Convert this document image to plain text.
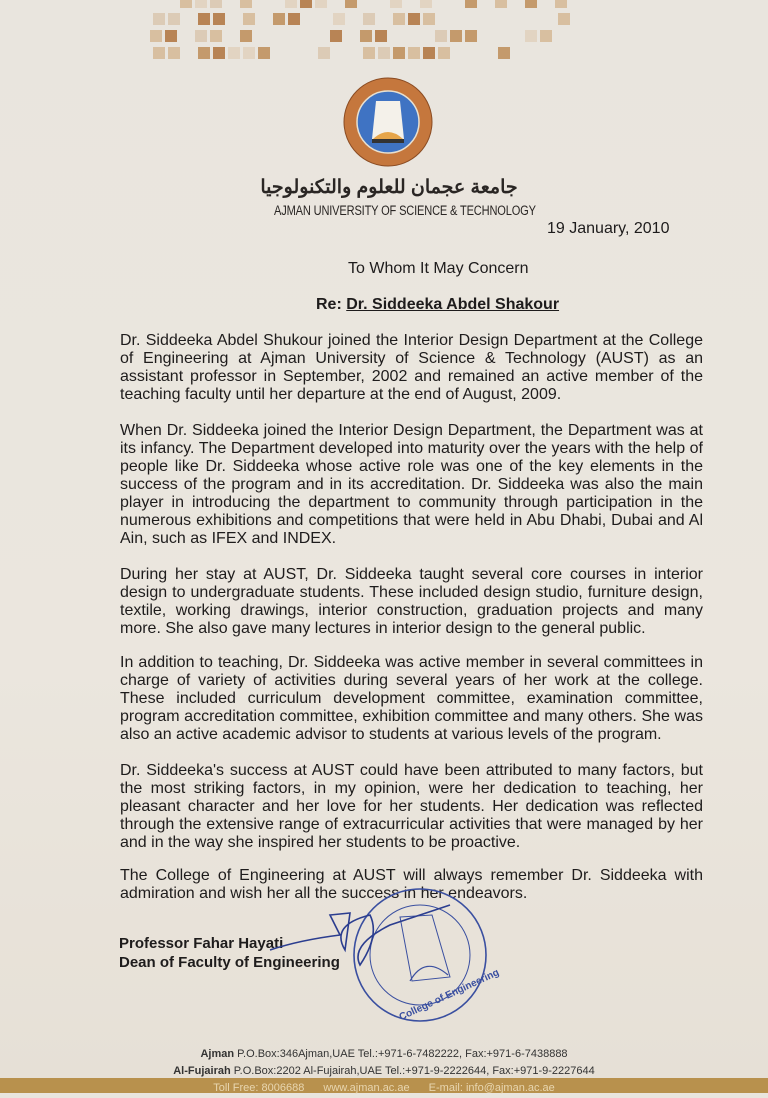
جامعة عجمان للعلوم والتكنولوجيا
AJMAN UNIVERSITY OF SCIENCE & TECHNOLOGY
19 January, 2010
To Whom It May Concern
Re: Dr. Siddeeka Abdel Shakour
Dr. Siddeeka Abdel Shukour joined the Interior Design Department at the College of Engineering at Ajman University of Science & Technology (AUST) as an assistant professor in September, 2002 and remained an active member of the teaching faculty until her departure at the end of August, 2009.
When Dr. Siddeeka joined the Interior Design Department, the Department was at its infancy. The Department developed into maturity over the years with the help of people like Dr. Siddeeka whose active role was one of the key elements in the success of the program and in its accreditation. Dr. Siddeeka was also the main player in introducing the department to community through participation in the numerous exhibitions and competitions that were held in Abu Dhabi, Dubai and Al Ain, such as IFEX and INDEX.
During her stay at AUST, Dr. Siddeeka taught several core courses in interior design to undergraduate students. These included design studio, furniture design, textile, working drawings, interior construction, graduation projects and many more. She also gave many lectures in interior design to the general public.
In addition to teaching, Dr. Siddeeka was active member in several committees in charge of variety of activities during several years of her work at the college. These included curriculum development committee, examination committee, program accreditation committee, exhibition committee and many others. She was also an active academic advisor to students at various levels of the program.
Dr. Siddeeka's success at AUST could have been attributed to many factors, but the most striking factors, in my opinion, were her dedication to teaching, her pleasant character and her love for her students. Her dedication was reflected through the extensive range of extracurricular activities that were managed by her and in the way she inspired her students to be proactive.
The College of Engineering at AUST will always remember Dr. Siddeeka with admiration and wish her all the success in her endeavors.
Professor Fahar Hayati
Dean of Faculty of Engineering
College of Engineering
Ajman P.O.Box:346Ajman,UAE Tel.:+971-6-7482222, Fax:+971-6-7438888
Al-Fujairah P.O.Box:2202 Al-Fujairah,UAE Tel.:+971-9-2222644, Fax:+971-9-2227644
Toll Free: 8006688 www.ajman.ac.ae E-mail: info@ajman.ac.ae
